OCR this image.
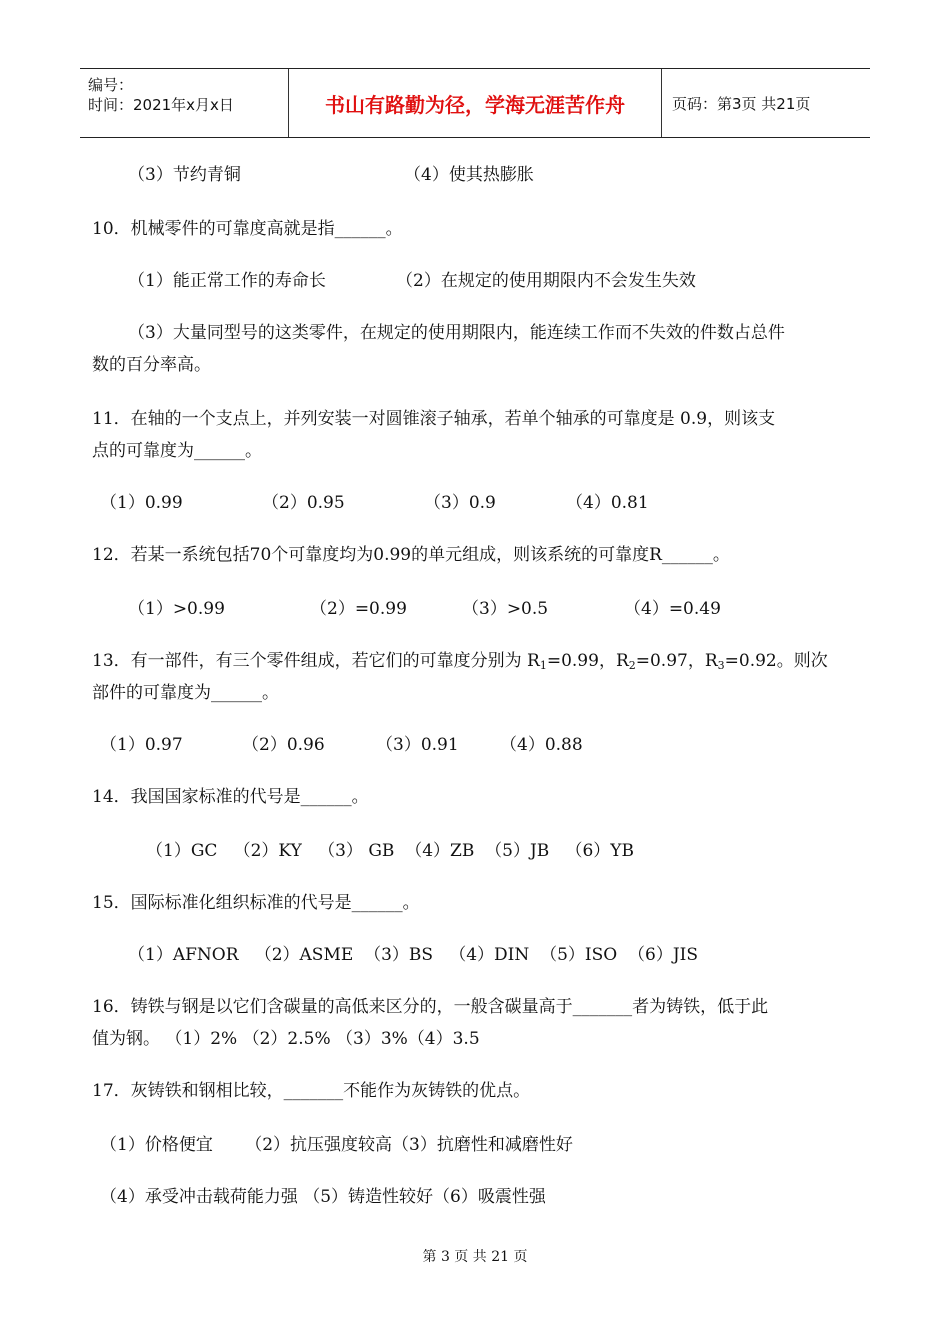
编号：
时间：2021年x月x日	书山有路勤为径，学海无涯苦作舟	页码：第3页 共21页
（3）节约青铜	（4）使其热膨胀
10．机械零件的可靠度高就是指______。
（1）能正常工作的寿命长	（2）在规定的使用期限内不会发生失效
（3）大量同型号的这类零件，在规定的使用期限内，能连续工作而不失效的件数占总件
数的百分率高。
11．在轴的一个支点上，并列安装一对圆锥滚子轴承，若单个轴承的可靠度是 0.9，则该支
点的可靠度为______。
（1）0.99	（2）0.95	（3）0.9	（4）0.81
12．若某一系统包括70个可靠度均为0.99的单元组成，则该系统的可靠度R______。
（1）>0.99	（2）=0.99	（3）>0.5	（4）=0.49
13．有一部件，有三个零件组成，若它们的可靠度分别为 $R_1=0.99$，$R_2=0.97$，$R_3=0.92$。则次
部件的可靠度为______。
（1）0.97	（2）0.96	（3）0.91 （4）0.88
14．我国国家标准的代号是______。
（1）GC   （2）KY   （3） GB  （4）ZB  （5）JB   （6）YB
15．国际标准化组织标准的代号是______。
（1）AFNOR   （2）ASME  （3）BS   （4）DIN  （5）ISO  （6）JIS
16．铸铁与钢是以它们含碳量的高低来区分的，一般含碳量高于_______者为铸铁，低于此
值为钢。 （1）2% （2）2.5% （3）3%（4）3.5
17．灰铸铁和钢相比较，_______不能作为灰铸铁的优点。
（1）价格便宜      （2）抗压强度较高（3）抗磨性和减磨性好
（4）承受冲击载荷能力强 （5）铸造性较好（6）吸震性强
第 3 页 共 21 页
